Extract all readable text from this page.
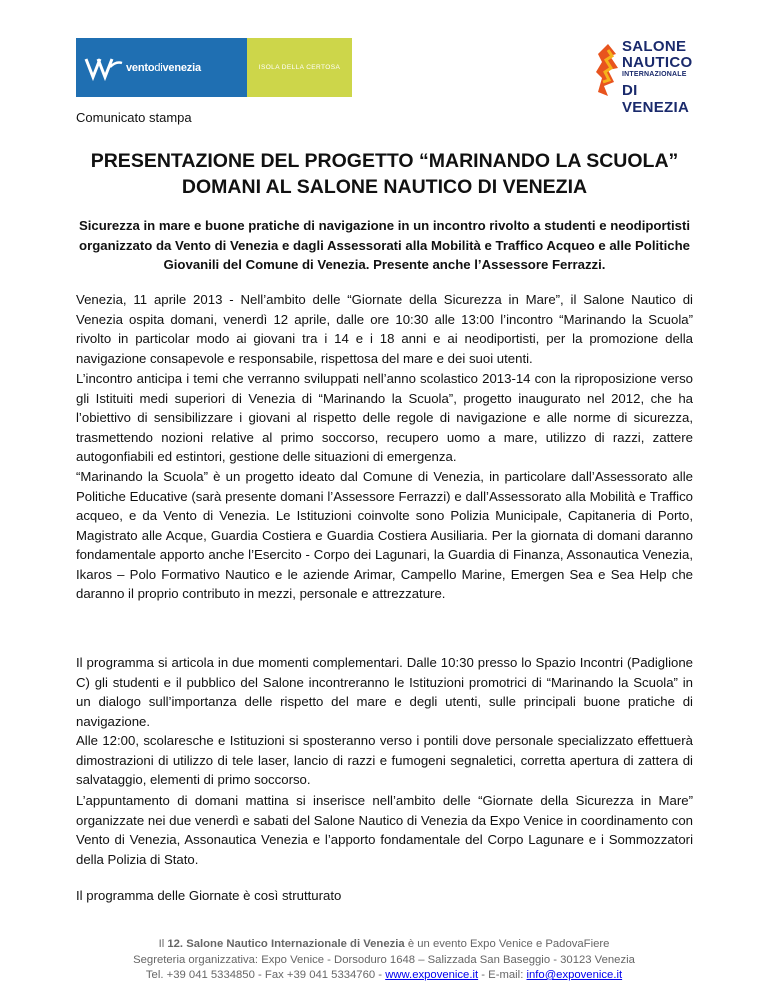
ventodivenezia	ISOLA DELLA CERTOSA
SALONE
NAUTICO
INTERNAZIONALE
DI VENEZIA
Comunicato stampa
PRESENTAZIONE DEL PROGETTO “MARINANDO LA SCUOLA”
DOMANI AL SALONE NAUTICO DI VENEZIA
Sicurezza in mare e buone pratiche di navigazione in un incontro rivolto a studenti e neodiportisti organizzato da Vento di Venezia e dagli Assessorati alla Mobilità e Traffico Acqueo e alle Politiche Giovanili del Comune di Venezia. Presente anche l’Assessore Ferrazzi.
Venezia, 11 aprile 2013 - Nell’ambito delle “Giornate della Sicurezza in Mare”, il Salone Nautico di Venezia ospita domani, venerdì 12 aprile, dalle ore 10:30 alle 13:00 l’incontro “Marinando la Scuola” rivolto in particolar modo ai giovani tra i 14 e i 18 anni e ai neodiportisti, per la promozione della navigazione consapevole e responsabile, rispettosa del mare e dei suoi utenti.
L’incontro anticipa i temi che verranno sviluppati nell’anno scolastico 2013-14 con la riproposizione verso gli Istituiti medi superiori di Venezia di “Marinando la Scuola”, progetto inaugurato nel 2012, che ha l’obiettivo di sensibilizzare i giovani al rispetto delle regole di navigazione e alle norme di sicurezza, trasmettendo nozioni relative al primo soccorso, recupero uomo a mare, utilizzo di razzi, zattere autogonfiabili ed estintori, gestione delle situazioni di emergenza.
“Marinando la Scuola” è un progetto ideato dal Comune di Venezia, in particolare dall’Assessorato alle Politiche Educative (sarà presente domani l’Assessore Ferrazzi) e dall’Assessorato alla Mobilità e Traffico acqueo, e da Vento di Venezia. Le Istituzioni coinvolte sono Polizia Municipale, Capitaneria di Porto, Magistrato alle Acque, Guardia Costiera e Guardia Costiera Ausiliaria. Per la giornata di domani daranno fondamentale apporto anche l’Esercito - Corpo dei Lagunari, la Guardia di Finanza, Assonautica Venezia, Ikaros – Polo Formativo Nautico e le aziende Arimar, Campello Marine, Emergen Sea e Sea Help che daranno il proprio contributo in mezzi, personale e attrezzature.
Il programma si articola in due momenti complementari. Dalle 10:30 presso lo Spazio Incontri (Padiglione C) gli studenti e il pubblico del Salone incontreranno le Istituzioni promotrici di “Marinando la Scuola” in un dialogo sull’importanza delle rispetto del mare e degli utenti, sulle principali buone pratiche di navigazione.
Alle 12:00, scolaresche e Istituzioni si sposteranno verso i pontili dove personale specializzato effettuerà dimostrazioni di utilizzo di tele laser, lancio di razzi e fumogeni segnaletici, corretta apertura di zattera di salvataggio, elementi di primo soccorso.
L’appuntamento di domani mattina si inserisce nell’ambito delle “Giornate della Sicurezza in Mare” organizzate nei due venerdì e sabati del Salone Nautico di Venezia da Expo Venice in coordinamento con Vento di Venezia, Assonautica Venezia e l’apporto fondamentale del Corpo Lagunare e i Sommozzatori della Polizia di Stato.
Il programma delle Giornate è così strutturato
Il 12. Salone Nautico Internazionale di Venezia è un evento Expo Venice e PadovaFiere
Segreteria organizzativa: Expo Venice - Dorsoduro 1648 – Salizzada San Baseggio - 30123 Venezia
Tel. +39 041 5334850 - Fax +39 041 5334760 - www.expovenice.it - E-mail: info@expovenice.it
